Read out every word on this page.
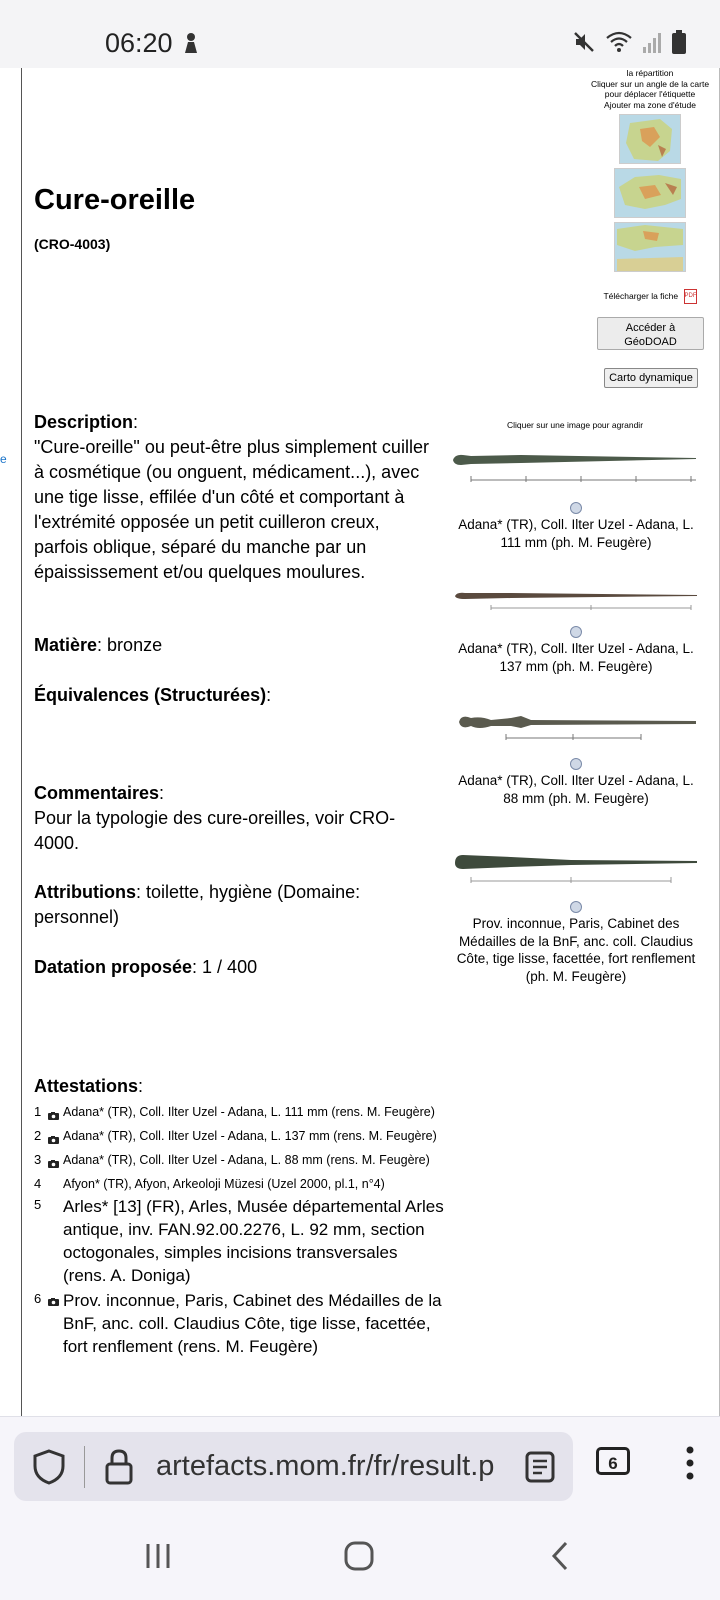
06:20
e
la répartition
Cliquer sur un angle de la carte
pour déplacer l'étiquette
Ajouter ma zone d'étude
Cure-oreille
(CRO-4003)
Télécharger la fiche PDF
Accéder à GéoDOAD
Carto dynamique
Description:
"Cure-oreille" ou peut-être plus simplement cuiller à cosmétique (ou onguent, médicament...), avec une tige lisse, effilée d'un côté et comportant à l'extrémité opposée un petit cuilleron creux, parfois oblique, séparé du manche par un épaississement et/ou quelques moulures.
Matière: bronze
Équivalences (Structurées):
Commentaires:
Pour la typologie des cure-oreilles, voir CRO-4000.
Attributions: toilette, hygiène (Domaine: personnel)
Datation proposée: 1 / 400
Cliquer sur une image pour agrandir
Adana* (TR), Coll. Ilter Uzel - Adana, L. 111 mm (ph. M. Feugère)
Adana* (TR), Coll. Ilter Uzel - Adana, L. 137 mm (ph. M. Feugère)
Adana* (TR), Coll. Ilter Uzel - Adana, L. 88 mm (ph. M. Feugère)
Prov. inconnue, Paris, Cabinet des Médailles de la BnF, anc. coll. Claudius Côte, tige lisse, facettée, fort renflement (ph. M. Feugère)
Attestations:
1	Adana* (TR), Coll. Ilter Uzel - Adana, L. 111 mm (rens. M. Feugère)
2	Adana* (TR), Coll. Ilter Uzel - Adana, L. 137 mm (rens. M. Feugère)
3	Adana* (TR), Coll. Ilter Uzel - Adana, L. 88 mm (rens. M. Feugère)
4	Afyon* (TR), Afyon, Arkeoloji Müzesi (Uzel 2000, pl.1, n°4)
5	Arles* [13] (FR), Arles, Musée départemental Arles antique, inv. FAN.92.00.2276, L. 92 mm, section octogonales, simples incisions transversales (rens. A. Doniga)
6	Prov. inconnue, Paris, Cabinet des Médailles de la BnF, anc. coll. Claudius Côte, tige lisse, facettée, fort renflement (rens. M. Feugère)
artefacts.mom.fr/fr/result.p	6
